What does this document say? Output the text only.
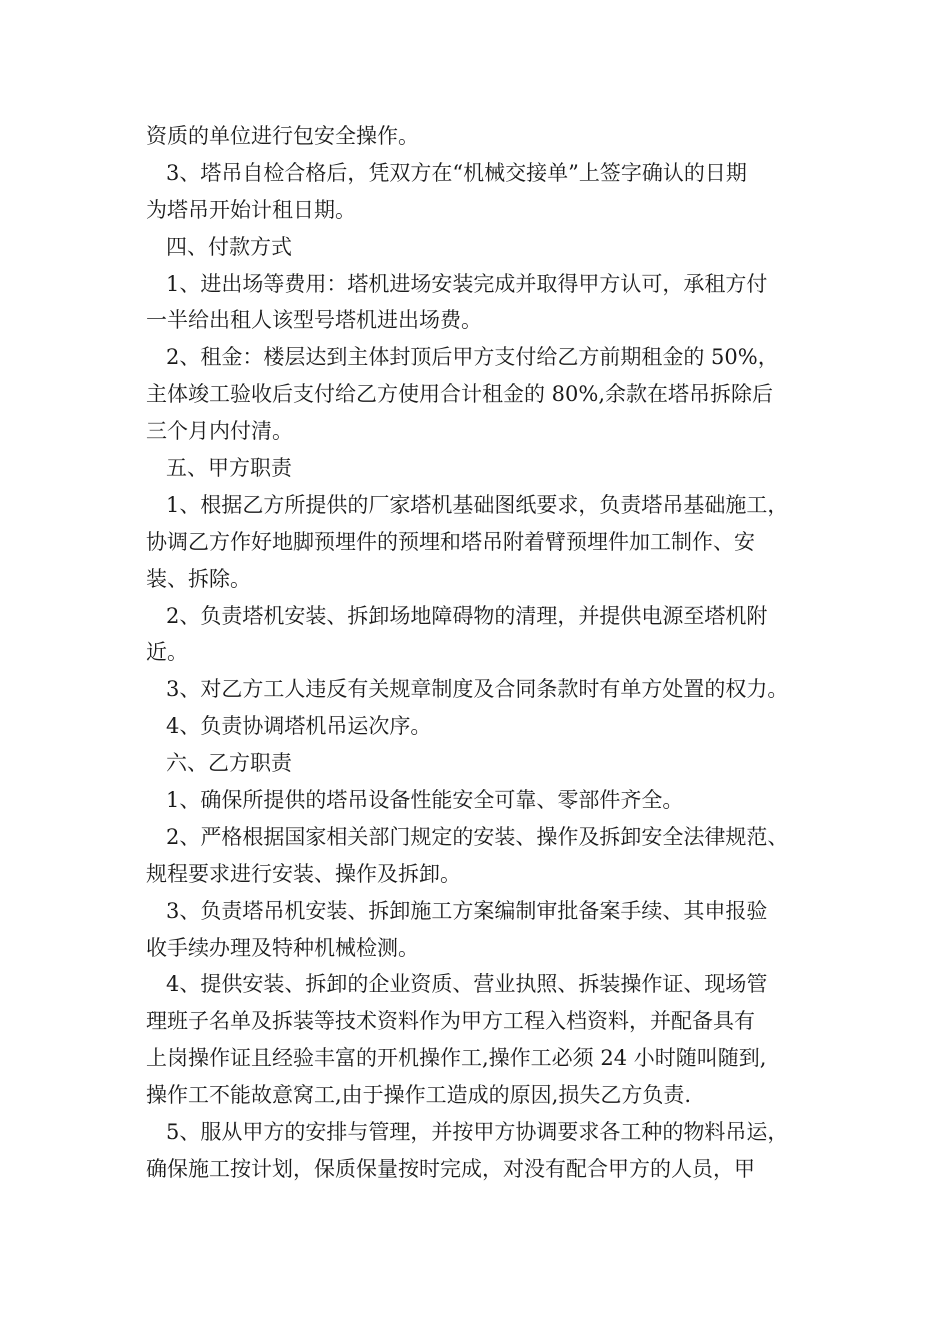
资质的单位进行包安全操作。
3、塔吊自检合格后，凭双方在“机械交接单”上签字确认的日期
为塔吊开始计租日期。
四、付款方式
1、进出场等费用：塔机进场安装完成并取得甲方认可，承租方付
一半给出租人该型号塔机进出场费。
2、租金：楼层达到主体封顶后甲方支付给乙方前期租金的 50%，
主体竣工验收后支付给乙方使用合计租金的 80%,余款在塔吊拆除后
三个月内付清。
五、甲方职责
1、根据乙方所提供的厂家塔机基础图纸要求，负责塔吊基础施工，
协调乙方作好地脚预埋件的预埋和塔吊附着臂预埋件加工制作、安
装、拆除。
2、负责塔机安装、拆卸场地障碍物的清理，并提供电源至塔机附
近。
3、对乙方工人违反有关规章制度及合同条款时有单方处置的权力。
4、负责协调塔机吊运次序。
六、乙方职责
1、确保所提供的塔吊设备性能安全可靠、零部件齐全。
2、严格根据国家相关部门规定的安装、操作及拆卸安全法律规范、
规程要求进行安装、操作及拆卸。
3、负责塔吊机安装、拆卸施工方案编制审批备案手续、其申报验
收手续办理及特种机械检测。
4、提供安装、拆卸的企业资质、营业执照、拆装操作证、现场管
理班子名单及拆装等技术资料作为甲方工程入档资料，并配备具有
上岗操作证且经验丰富的开机操作工,操作工必须 24 小时随叫随到,
操作工不能故意窝工,由于操作工造成的原因,损失乙方负责.
5、服从甲方的安排与管理，并按甲方协调要求各工种的物料吊运，
确保施工按计划，保质保量按时完成，对没有配合甲方的人员，甲
